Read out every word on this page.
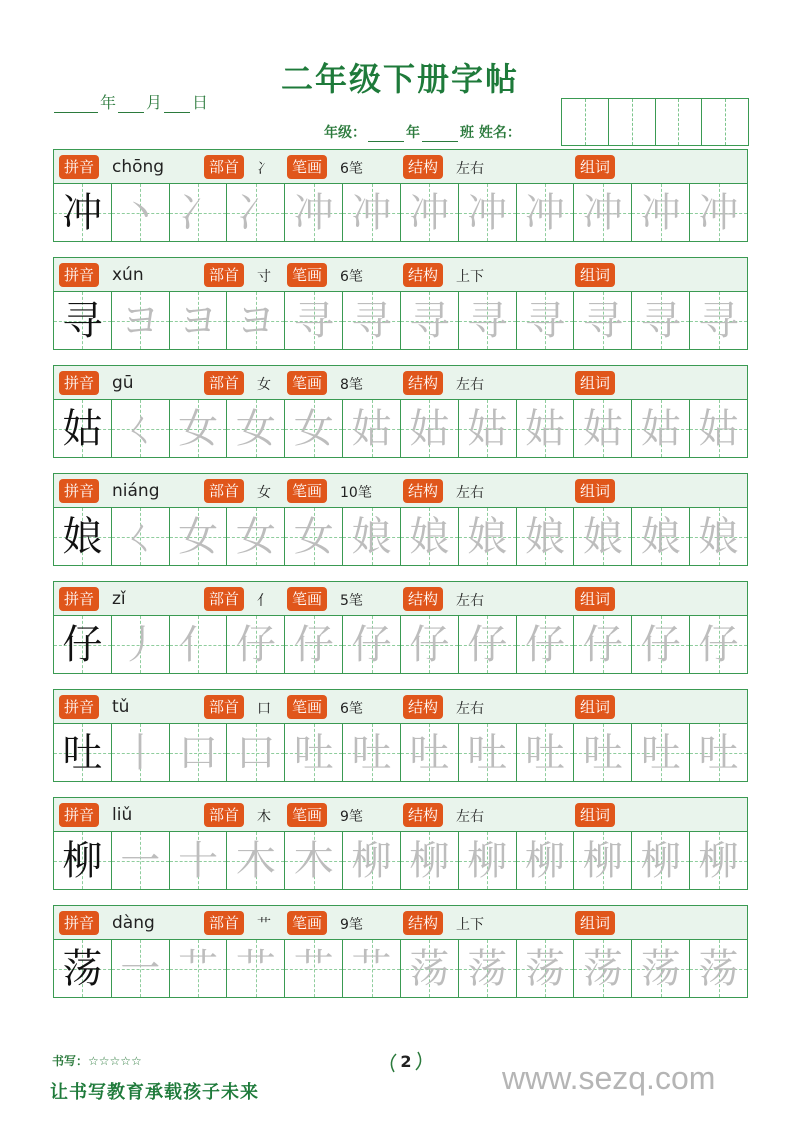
二年级下册字帖
年 月 日
年级：	年	班 姓名：
拼音 chōng	部首	冫	笔画	6笔	结构	左右	组词
冲 丶 冫 冫 冲 冲 冲 冲 冲 冲 冲 冲
拼音 xún	部首	寸	笔画	6笔	结构	上下	组词
寻 ヨ ヨ ヨ 寻 寻 寻 寻 寻 寻 寻 寻
拼音 gū	部首	女	笔画	8笔	结构	左右	组词
姑 ㄑ 女 女 女 姑 姑 姑 姑 姑 姑 姑
拼音 niáng	部首	女	笔画	10笔	结构	左右	组词
娘 ㄑ 女 女 女 娘 娘 娘 娘 娘 娘 娘
拼音 zǐ	部首	亻	笔画	5笔	结构	左右	组词
仔 丿 亻 仔 仔 仔 仔 仔 仔 仔 仔 仔
拼音 tǔ	部首	口	笔画	6笔	结构	左右	组词
吐 丨 口 口 吐 吐 吐 吐 吐 吐 吐 吐
拼音 liǔ	部首	木	笔画	9笔	结构	左右	组词
柳 一 十 木 木 柳 柳 柳 柳 柳 柳 柳
拼音 dàng	部首	艹	笔画	9笔	结构	上下	组词
荡 一 艹 艹 艹 艹 荡 荡 荡 荡 荡 荡
书写：☆☆☆☆☆
让书写教育承载孩子未来
2	www.sezq.com
